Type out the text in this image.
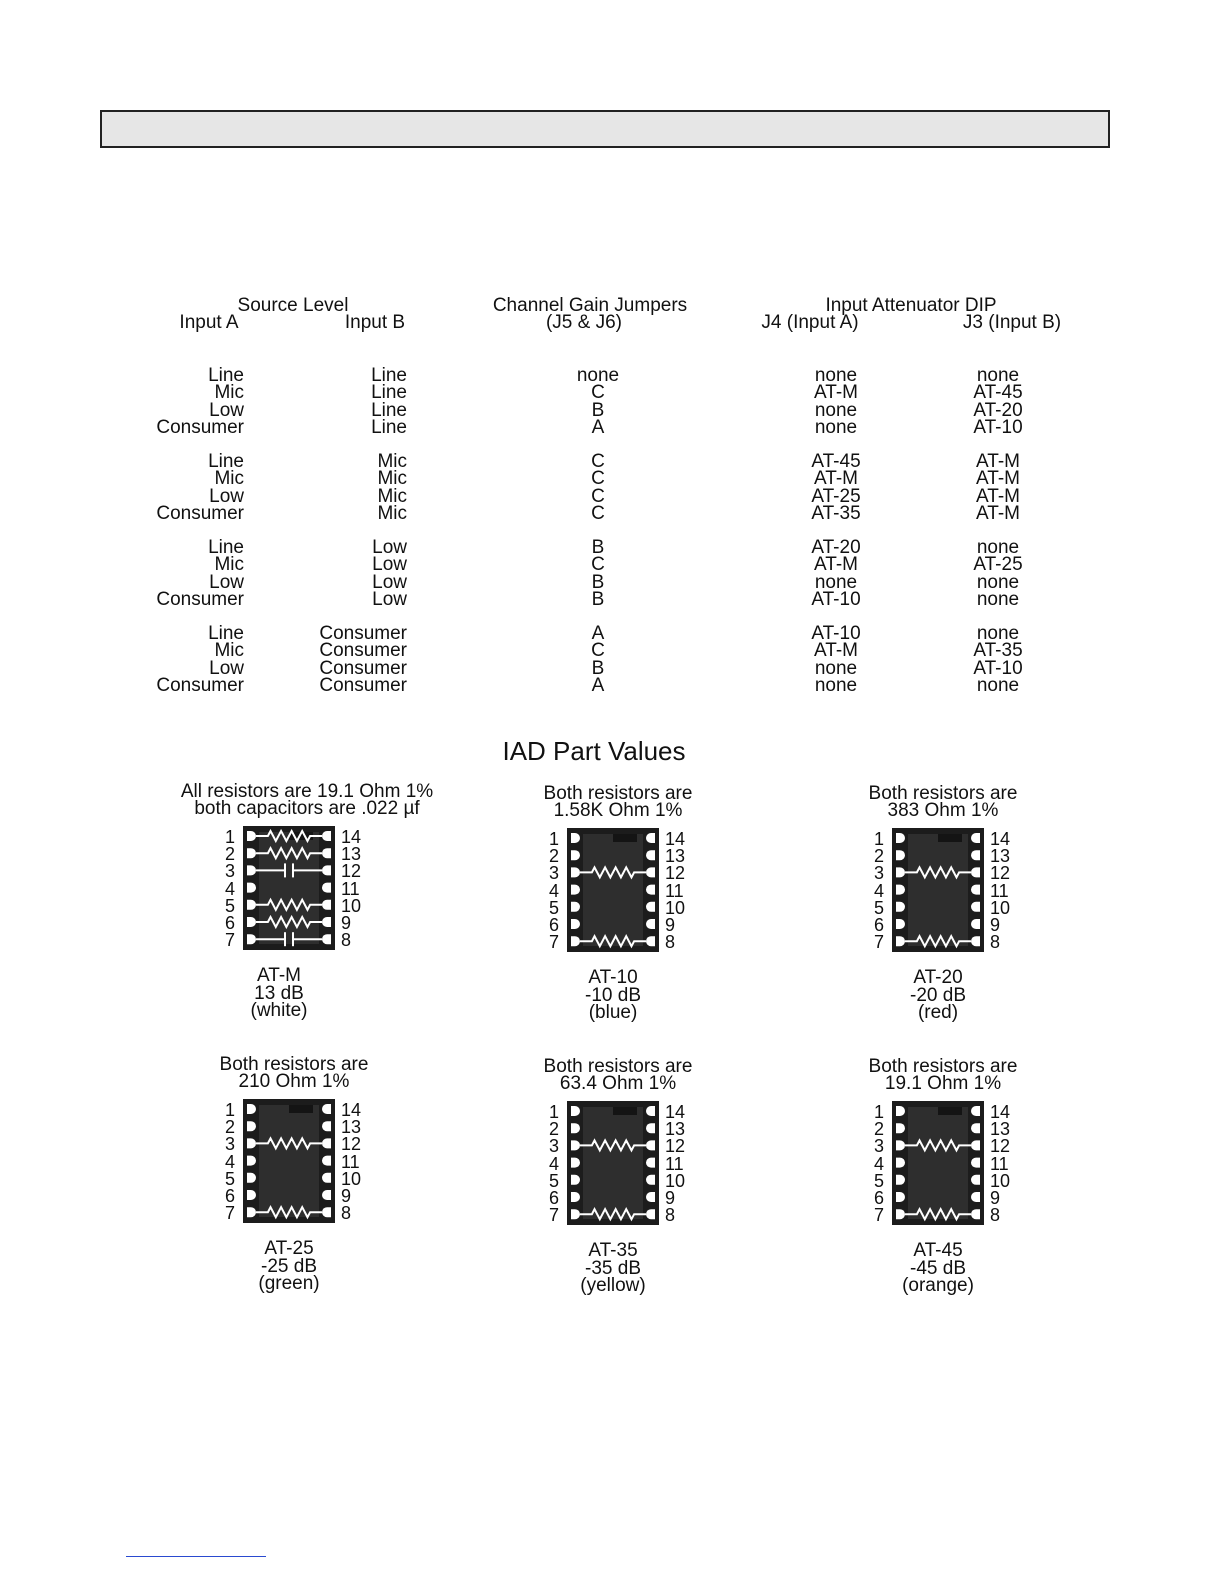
Source Level
Input A	Input B
Channel Gain Jumpers
(J5 & J6)
Input Attenuator DIP
J4 (Input A)	J3 (Input B)
Line	Line	none	none	none
Mic	Line	C	AT-M	AT-45
Low	Line	B	none	AT-20
Consumer	Line	A	none	AT-10
Line	Mic	C	AT-45	AT-M
Mic	Mic	C	AT-M	AT-M
Low	Mic	C	AT-25	AT-M
Consumer	Mic	C	AT-35	AT-M
Line	Low	B	AT-20	none
Mic	Low	C	AT-M	AT-25
Low	Low	B	none	none
Consumer	Low	B	AT-10	none
Line	Consumer	A	AT-10	none
Mic	Consumer	C	AT-M	AT-35
Low	Consumer	B	none	AT-10
Consumer	Consumer	A	none	none
IAD Part Values
All resistors are 19.1 Ohm 1%
both capacitors are .022 µf
1
2
3
4
5
6
7
14
13
12
11
10
9
8
AT-M
13 dB
(white)
Both resistors are
1.58K Ohm 1%
1
2
3
4
5
6
7
14
13
12
11
10
9
8
AT-10
-10 dB
(blue)
Both resistors are
383 Ohm 1%
1
2
3
4
5
6
7
14
13
12
11
10
9
8
AT-20
-20 dB
(red)
Both resistors are
210 Ohm 1%
1
2
3
4
5
6
7
14
13
12
11
10
9
8
AT-25
-25 dB
(green)
Both resistors are
63.4 Ohm 1%
1
2
3
4
5
6
7
14
13
12
11
10
9
8
AT-35
-35 dB
(yellow)
Both resistors are
19.1 Ohm 1%
1
2
3
4
5
6
7
14
13
12
11
10
9
8
AT-45
-45 dB
(orange)
